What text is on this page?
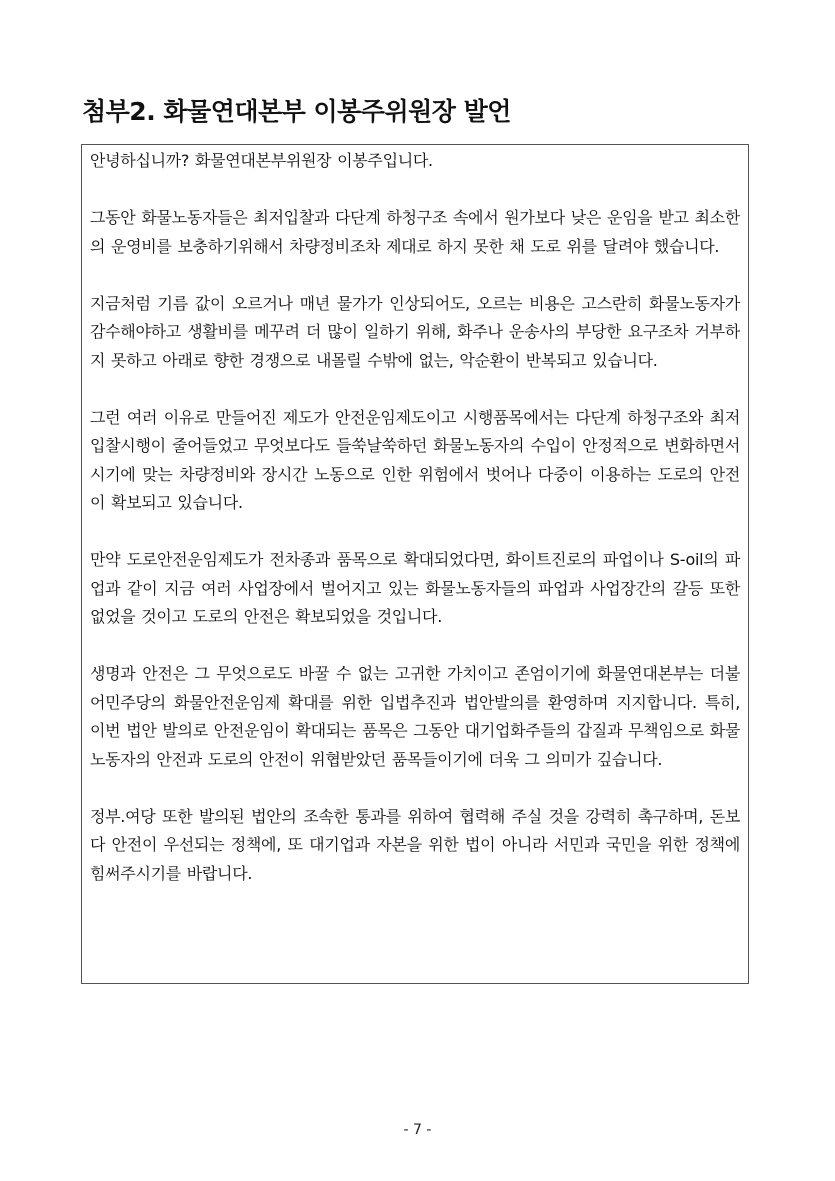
첨부2. 화물연대본부 이봉주위원장 발언

안녕하십니까? 화물연대본부위원장 이봉주입니다.

그동안 화물노동자들은 최저입찰과 다단계 하청구조 속에서 원가보다 낮은 운임을 받고 최소한의 운영비를 보충하기위해서 차량정비조차 제대로 하지 못한 채 도로 위를 달려야 했습니다.

지금처럼 기름 값이 오르거나 매년 물가가 인상되어도, 오르는 비용은 고스란히 화물노동자가 감수해야하고 생활비를 메꾸려 더 많이 일하기 위해, 화주나 운송사의 부당한 요구조차 거부하지 못하고 아래로 향한 경쟁으로 내몰릴 수밖에 없는, 악순환이 반복되고 있습니다.

그런 여러 이유로 만들어진 제도가 안전운임제도이고 시행품목에서는 다단계 하청구조와 최저입찰시행이 줄어들었고 무엇보다도 들쑥날쑥하던 화물노동자의 수입이 안정적으로 변화하면서 시기에 맞는 차량정비와 장시간 노동으로 인한 위험에서 벗어나 다중이 이용하는 도로의 안전이 확보되고 있습니다.

만약 도로안전운임제도가 전차종과 품목으로 확대되었다면, 화이트진로의 파업이나 S-oil의 파업과 같이 지금 여러 사업장에서 벌어지고 있는 화물노동자들의 파업과 사업장간의 갈등 또한 없었을 것이고 도로의 안전은 확보되었을 것입니다.

생명과 안전은 그 무엇으로도 바꿀 수 없는 고귀한 가치이고 존엄이기에 화물연대본부는 더불어민주당의 화물안전운임제 확대를 위한 입법추진과 법안발의를 환영하며 지지합니다. 특히, 이번 법안 발의로 안전운임이 확대되는 품목은 그동안 대기업화주들의 갑질과 무책임으로 화물노동자의 안전과 도로의 안전이 위협받았던 품목들이기에 더욱 그 의미가 깊습니다.

정부.여당 또한 발의된 법안의 조속한 통과를 위하여 협력해 주실 것을 강력히 촉구하며, 돈보다 안전이 우선되는 정책에, 또 대기업과 자본을 위한 법이 아니라 서민과 국민을 위한 정책에 힘써주시기를 바랍니다.

- 7 -
